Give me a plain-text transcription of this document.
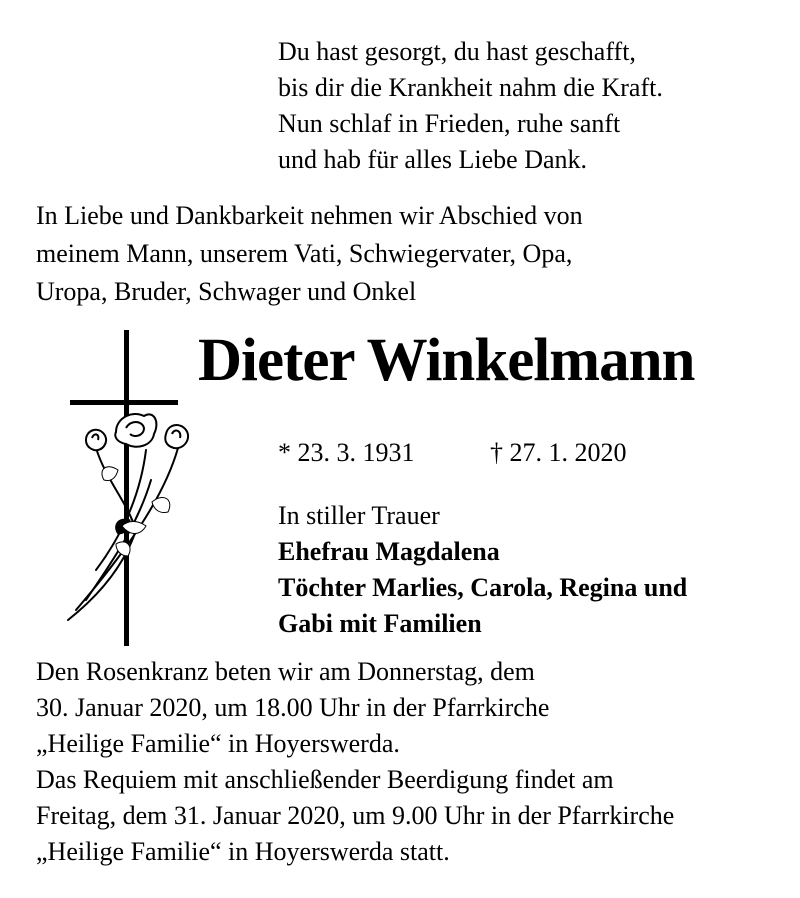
Du hast gesorgt, du hast geschafft,
bis dir die Krankheit nahm die Kraft.
Nun schlaf in Frieden, ruhe sanft
und hab für alles Liebe Dank.
In Liebe und Dankbarkeit nehmen wir Abschied von
meinem Mann, unserem Vati, Schwiegervater, Opa,
Uropa, Bruder, Schwager und Onkel
Dieter Winkelmann
* 23. 3. 1931	† 27. 1. 2020
In stiller Trauer
Ehefrau Magdalena
Töchter Marlies, Carola, Regina und
Gabi mit Familien
Den Rosenkranz beten wir am Donnerstag, dem
30. Januar 2020, um 18.00 Uhr in der Pfarrkirche
„Heilige Familie“ in Hoyerswerda.
Das Requiem mit anschließender Beerdigung findet am
Freitag, dem 31. Januar 2020, um 9.00 Uhr in der Pfarrkirche
„Heilige Familie“ in Hoyerswerda statt.
